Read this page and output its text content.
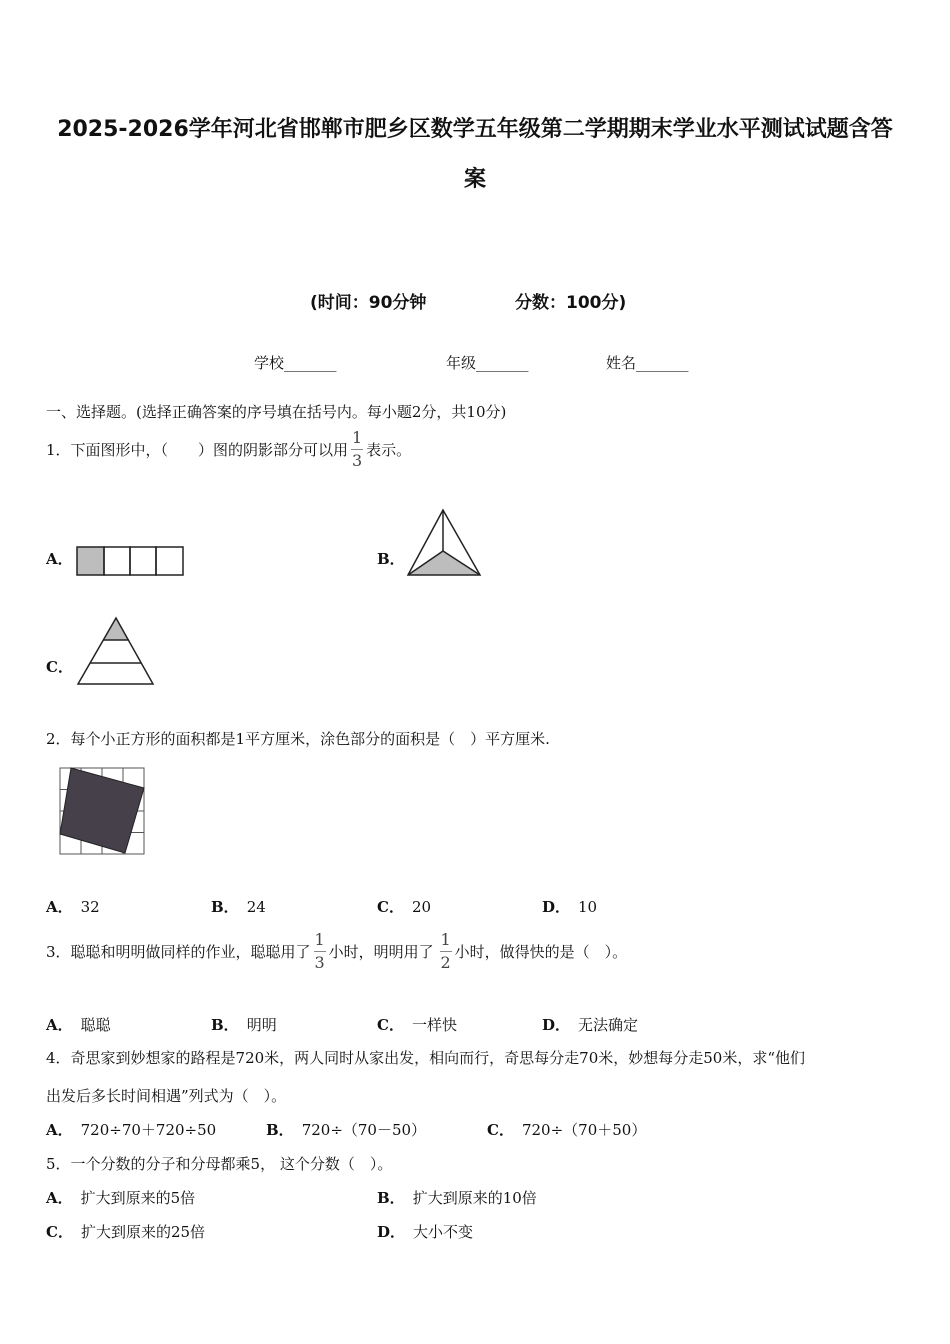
2025-2026学年河北省邯郸市肥乡区数学五年级第二学期期末学业水平测试试题含答
案
(时间：90分钟	分数：100分)
学校_______	年级_______	姓名_______
一、选择题。(选择正确答案的序号填在括号内。每小题2分，共10分)
1．下面图形中，（　　）图的阴影部分可以用 $\frac{1}{3}$ 表示。
A．	B．
C．
2．每个小正方形的面积都是1平方厘米，涂色部分的面积是（　）平方厘米.
A． 32	B． 24	C． 20	D． 10
3．聪聪和明明做同样的作业，聪聪用了 $\frac{1}{3}$ 小时，明明用了 $\frac{1}{2}$ 小时，做得快的是（　）。
A． 聪聪	B． 明明	C． 一样快	D． 无法确定
4．奇思家到妙想家的路程是720米，两人同时从家出发，相向而行，奇思每分走70米，妙想每分走50米，求“他们
出发后多长时间相遇”列式为（　）。
A． 720÷70＋720÷50	B． 720÷（70－50）	C． 720÷（70＋50）
5．一个分数的分子和分母都乘5， 这个分数（　）。
A． 扩大到原来的5倍	B． 扩大到原来的10倍
C． 扩大到原来的25倍	D． 大小不变
